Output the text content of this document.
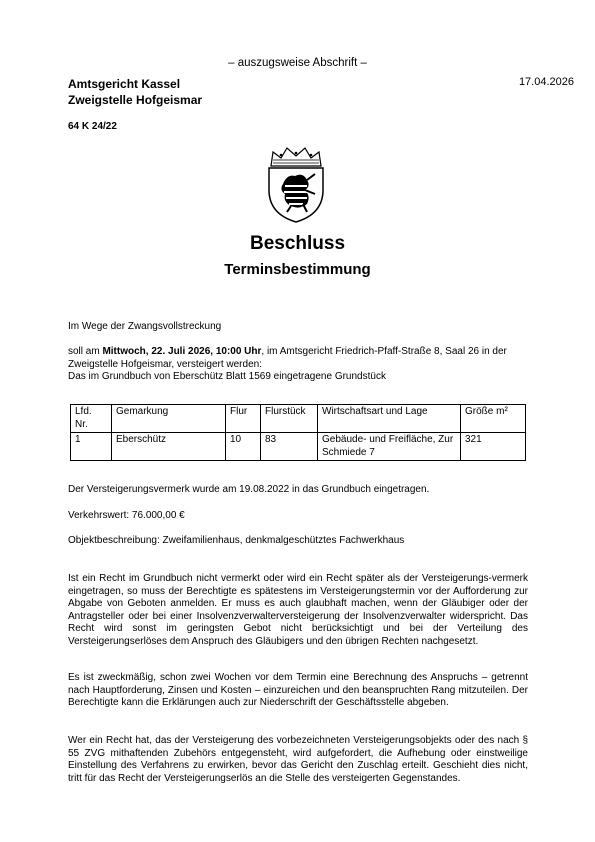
– auszugsweise Abschrift –
Amtsgericht Kassel
Zweigstelle Hofgeismar
17.04.2026
64 K 24/22
Beschluss
Terminsbestimmung
Im Wege der Zwangsvollstreckung
soll am Mittwoch, 22. Juli 2026, 10:00 Uhr, im Amtsgericht Friedrich-Pfaff-Straße 8, Saal 26 in der Zweigstelle Hofgeismar, versteigert werden:
Das im Grundbuch von Eberschütz Blatt 1569 eingetragene Grundstück
Lfd. Nr.	Gemarkung	Flur	Flurstück	Wirtschaftsart und Lage	Größe m²
1	Eberschütz	10	83	Gebäude- und Freifläche, Zur Schmiede 7	321
Der Versteigerungsvermerk wurde am 19.08.2022 in das Grundbuch eingetragen.
Verkehrswert: 76.000,00 €
Objektbeschreibung: Zweifamilienhaus, denkmalgeschütztes Fachwerkhaus
Ist ein Recht im Grundbuch nicht vermerkt oder wird ein Recht später als der Versteigerungs-vermerk eingetragen, so muss der Berechtigte es spätestens im Versteigerungstermin vor der Aufforderung zur Abgabe von Geboten anmelden. Er muss es auch glaubhaft machen, wenn der Gläubiger oder der Antragsteller oder bei einer Insolvenzverwalterversteigerung der Insolvenzverwalter widerspricht. Das Recht wird sonst im geringsten Gebot nicht berücksichtigt und bei der Verteilung des Versteigerungserlöses dem Anspruch des Gläubigers und den übrigen Rechten nachgesetzt.
Es ist zweckmäßig, schon zwei Wochen vor dem Termin eine Berechnung des Anspruchs – getrennt nach Hauptforderung, Zinsen und Kosten – einzureichen und den beanspruchten Rang mitzuteilen. Der Berechtigte kann die Erklärungen auch zur Niederschrift der Geschäftsstelle abgeben.
Wer ein Recht hat, das der Versteigerung des vorbezeichneten Versteigerungsobjekts oder des nach § 55 ZVG mithaftenden Zubehörs entgegensteht, wird aufgefordert, die Aufhebung oder einstweilige Einstellung des Verfahrens zu erwirken, bevor das Gericht den Zuschlag erteilt. Geschieht dies nicht, tritt für das Recht der Versteigerungserlös an die Stelle des versteigerten Gegenstandes.
